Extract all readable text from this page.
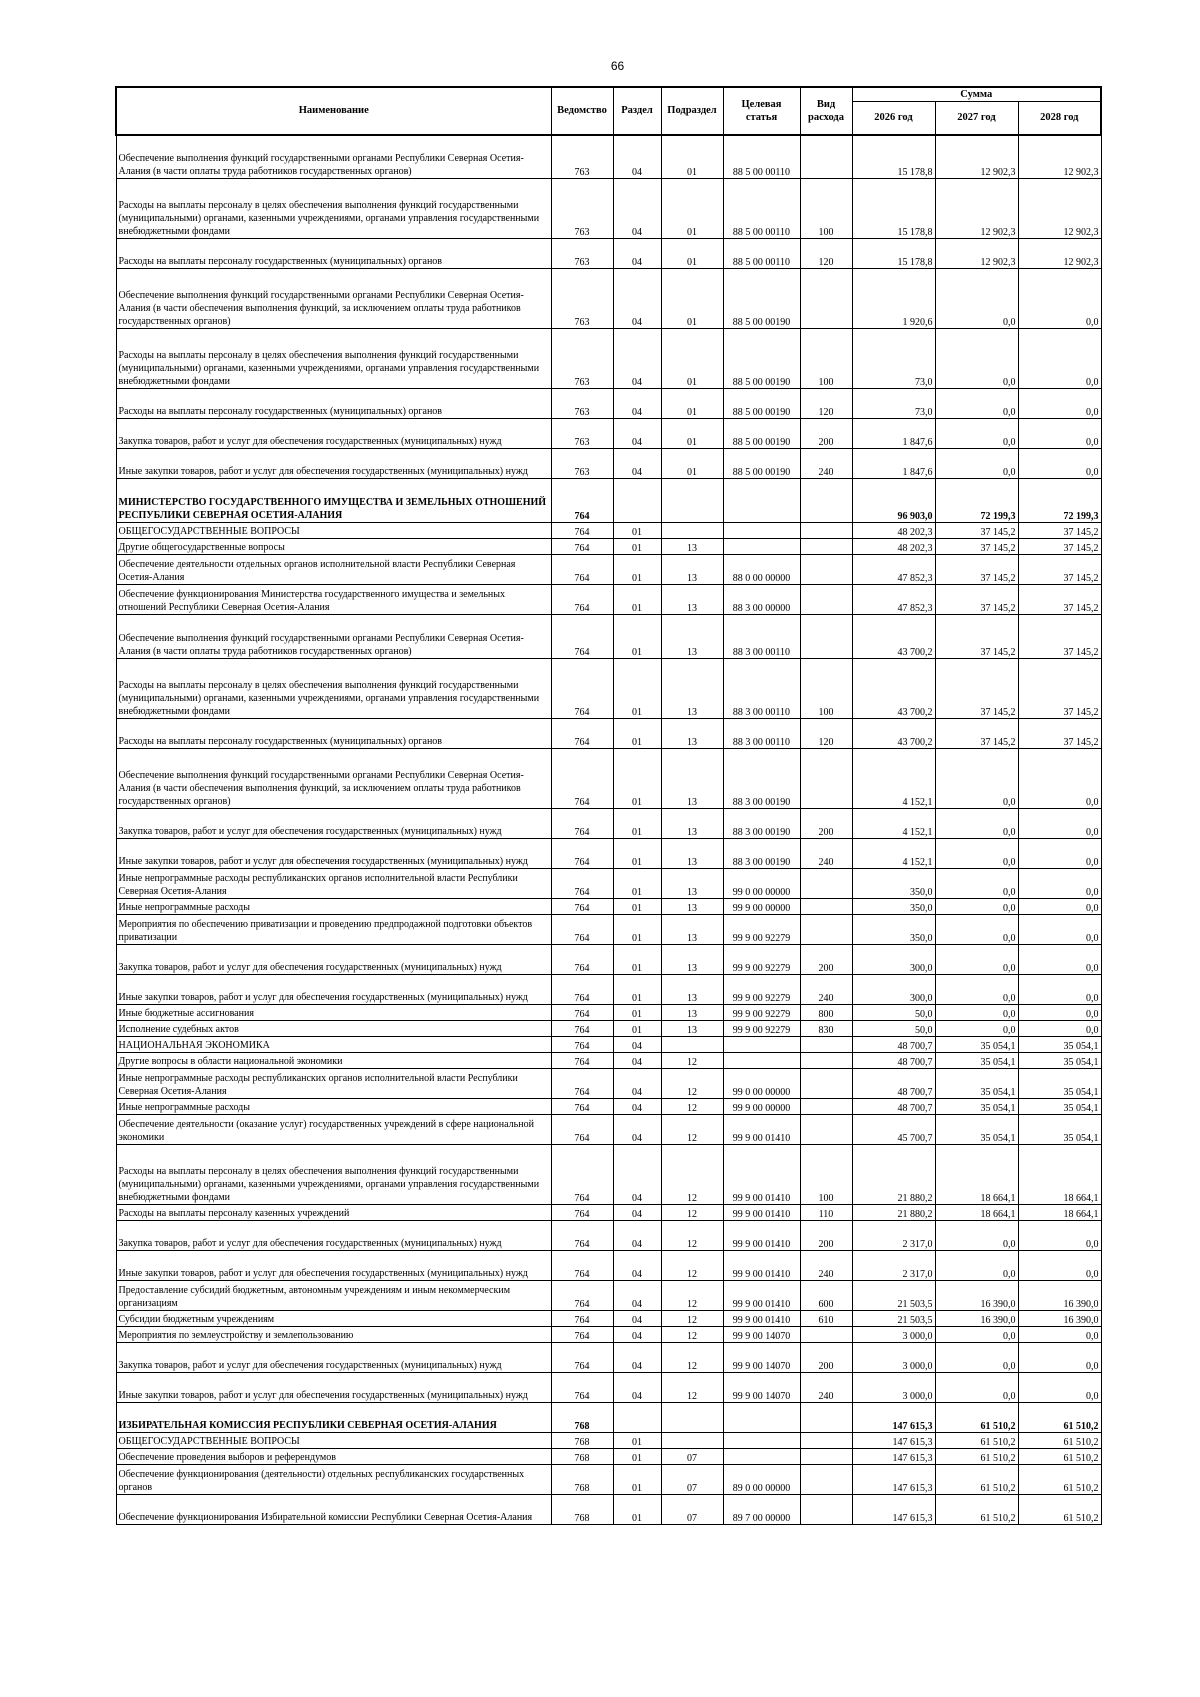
66
Наименование	Ведомство	Раздел	Подраздел	Целевая статья	Вид расхода	Сумма		
						2026 год	2027 год	2028 год
Обеспечение выполнения функций государственными органами Республики Северная Осетия-Алания (в части оплаты труда работников государственных органов)	763	04	01	88 5 00 00110		15 178,8	12 902,3	12 902,3
Расходы на выплаты персоналу в целях обеспечения выполнения функций государственными (муниципальными) органами, казенными учреждениями, органами управления государственными внебюджетными фондами	763	04	01	88 5 00 00110	100	15 178,8	12 902,3	12 902,3
Расходы на выплаты персоналу государственных (муниципальных) органов	763	04	01	88 5 00 00110	120	15 178,8	12 902,3	12 902,3
Обеспечение выполнения функций государственными органами Республики Северная Осетия-Алания (в части обеспечения выполнения функций, за исключением оплаты труда работников государственных органов)	763	04	01	88 5 00 00190		1 920,6	0,0	0,0
Расходы на выплаты персоналу в целях обеспечения выполнения функций государственными (муниципальными) органами, казенными учреждениями, органами управления государственными внебюджетными фондами	763	04	01	88 5 00 00190	100	73,0	0,0	0,0
Расходы на выплаты персоналу государственных (муниципальных) органов	763	04	01	88 5 00 00190	120	73,0	0,0	0,0
Закупка товаров, работ и услуг для обеспечения государственных (муниципальных) нужд	763	04	01	88 5 00 00190	200	1 847,6	0,0	0,0
Иные закупки товаров, работ и услуг для обеспечения государственных (муниципальных) нужд	763	04	01	88 5 00 00190	240	1 847,6	0,0	0,0
МИНИСТЕРСТВО ГОСУДАРСТВЕННОГО ИМУЩЕСТВА И ЗЕМЕЛЬНЫХ ОТНОШЕНИЙ РЕСПУБЛИКИ СЕВЕРНАЯ ОСЕТИЯ-АЛАНИЯ	764					96 903,0	72 199,3	72 199,3
ОБЩЕГОСУДАРСТВЕННЫЕ ВОПРОСЫ	764	01				48 202,3	37 145,2	37 145,2
Другие общегосударственные вопросы	764	01	13			48 202,3	37 145,2	37 145,2
Обеспечение деятельности отдельных органов исполнительной власти Республики Северная Осетия-Алания	764	01	13	88 0 00 00000		47 852,3	37 145,2	37 145,2
Обеспечение функционирования Министерства государственного имущества и земельных отношений Республики Северная Осетия-Алания	764	01	13	88 3 00 00000		47 852,3	37 145,2	37 145,2
Обеспечение выполнения функций государственными органами Республики Северная Осетия-Алания (в части оплаты труда работников государственных органов)	764	01	13	88 3 00 00110		43 700,2	37 145,2	37 145,2
Расходы на выплаты персоналу в целях обеспечения выполнения функций государственными (муниципальными) органами, казенными учреждениями, органами управления государственными внебюджетными фондами	764	01	13	88 3 00 00110	100	43 700,2	37 145,2	37 145,2
Расходы на выплаты персоналу государственных (муниципальных) органов	764	01	13	88 3 00 00110	120	43 700,2	37 145,2	37 145,2
Обеспечение выполнения функций государственными органами Республики Северная Осетия-Алания (в части обеспечения выполнения функций, за исключением оплаты труда работников государственных органов)	764	01	13	88 3 00 00190		4 152,1	0,0	0,0
Закупка товаров, работ и услуг для обеспечения государственных (муниципальных) нужд	764	01	13	88 3 00 00190	200	4 152,1	0,0	0,0
Иные закупки товаров, работ и услуг для обеспечения государственных (муниципальных) нужд	764	01	13	88 3 00 00190	240	4 152,1	0,0	0,0
Иные непрограммные расходы республиканских органов исполнительной власти Республики Северная Осетия-Алания	764	01	13	99 0 00 00000		350,0	0,0	0,0
Иные непрограммные расходы	764	01	13	99 9 00 00000		350,0	0,0	0,0
Мероприятия по обеспечению приватизации и проведению предпродажной подготовки объектов приватизации	764	01	13	99 9 00 92279		350,0	0,0	0,0
Закупка товаров, работ и услуг для обеспечения государственных (муниципальных) нужд	764	01	13	99 9 00 92279	200	300,0	0,0	0,0
Иные закупки товаров, работ и услуг для обеспечения государственных (муниципальных) нужд	764	01	13	99 9 00 92279	240	300,0	0,0	0,0
Иные бюджетные ассигнования	764	01	13	99 9 00 92279	800	50,0	0,0	0,0
Исполнение судебных актов	764	01	13	99 9 00 92279	830	50,0	0,0	0,0
НАЦИОНАЛЬНАЯ ЭКОНОМИКА	764	04				48 700,7	35 054,1	35 054,1
Другие вопросы в области национальной экономики	764	04	12			48 700,7	35 054,1	35 054,1
Иные непрограммные расходы республиканских органов исполнительной власти Республики Северная Осетия-Алания	764	04	12	99 0 00 00000		48 700,7	35 054,1	35 054,1
Иные непрограммные расходы	764	04	12	99 9 00 00000		48 700,7	35 054,1	35 054,1
Обеспечение деятельности (оказание услуг) государственных учреждений в сфере национальной экономики	764	04	12	99 9 00 01410		45 700,7	35 054,1	35 054,1
Расходы на выплаты персоналу в целях обеспечения выполнения функций государственными (муниципальными) органами, казенными учреждениями, органами управления государственными внебюджетными фондами	764	04	12	99 9 00 01410	100	21 880,2	18 664,1	18 664,1
Расходы на выплаты персоналу казенных учреждений	764	04	12	99 9 00 01410	110	21 880,2	18 664,1	18 664,1
Закупка товаров, работ и услуг для обеспечения государственных (муниципальных) нужд	764	04	12	99 9 00 01410	200	2 317,0	0,0	0,0
Иные закупки товаров, работ и услуг для обеспечения государственных (муниципальных) нужд	764	04	12	99 9 00 01410	240	2 317,0	0,0	0,0
Предоставление субсидий бюджетным, автономным учреждениям и иным некоммерческим организациям	764	04	12	99 9 00 01410	600	21 503,5	16 390,0	16 390,0
Субсидии бюджетным учреждениям	764	04	12	99 9 00 01410	610	21 503,5	16 390,0	16 390,0
Мероприятия по землеустройству и землепользованию	764	04	12	99 9 00 14070		3 000,0	0,0	0,0
Закупка товаров, работ и услуг для обеспечения государственных (муниципальных) нужд	764	04	12	99 9 00 14070	200	3 000,0	0,0	0,0
Иные закупки товаров, работ и услуг для обеспечения государственных (муниципальных) нужд	764	04	12	99 9 00 14070	240	3 000,0	0,0	0,0
ИЗБИРАТЕЛЬНАЯ КОМИССИЯ РЕСПУБЛИКИ СЕВЕРНАЯ ОСЕТИЯ-АЛАНИЯ	768					147 615,3	61 510,2	61 510,2
ОБЩЕГОСУДАРСТВЕННЫЕ ВОПРОСЫ	768	01				147 615,3	61 510,2	61 510,2
Обеспечение проведения выборов и референдумов	768	01	07			147 615,3	61 510,2	61 510,2
Обеспечение функционирования (деятельности) отдельных республиканских государственных органов	768	01	07	89 0 00 00000		147 615,3	61 510,2	61 510,2
Обеспечение функционирования Избирательной комиссии Республики Северная Осетия-Алания	768	01	07	89 7 00 00000		147 615,3	61 510,2	61 510,2
